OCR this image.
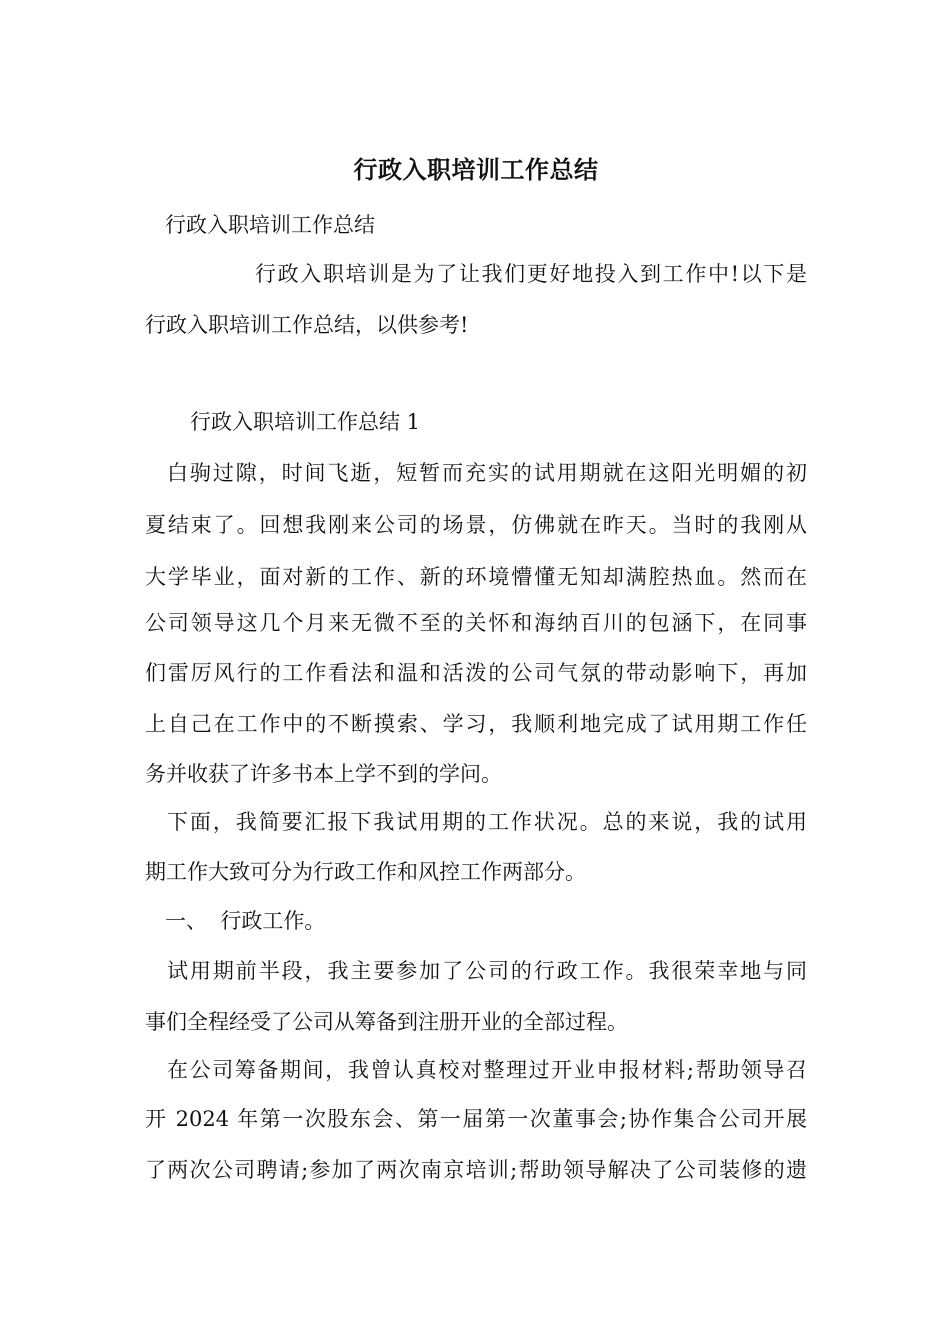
行政入职培训工作总结
行政入职培训工作总结
行政入职培训是为了让我们更好地投入到工作中!以下是
行政入职培训工作总结，以供参考!
行政入职培训工作总结 1
白驹过隙，时间飞逝，短暂而充实的试用期就在这阳光明媚的初
夏结束了。回想我刚来公司的场景，仿佛就在昨天。当时的我刚从
大学毕业，面对新的工作、新的环境懵懂无知却满腔热血。然而在
公司领导这几个月来无微不至的关怀和海纳百川的包涵下，在同事
们雷厉风行的工作看法和温和活泼的公司气氛的带动影响下，再加
上自己在工作中的不断摸索、学习，我顺利地完成了试用期工作任
务并收获了许多书本上学不到的学问。
下面，我简要汇报下我试用期的工作状况。总的来说，我的试用
期工作大致可分为行政工作和风控工作两部分。
一、  行政工作。
试用期前半段，我主要参加了公司的行政工作。我很荣幸地与同
事们全程经受了公司从筹备到注册开业的全部过程。
在公司筹备期间，我曾认真校对整理过开业申报材料;帮助领导召
开 2024 年第一次股东会、第一届第一次董事会;协作集合公司开展
了两次公司聘请;参加了两次南京培训;帮助领导解决了公司装修的遗
